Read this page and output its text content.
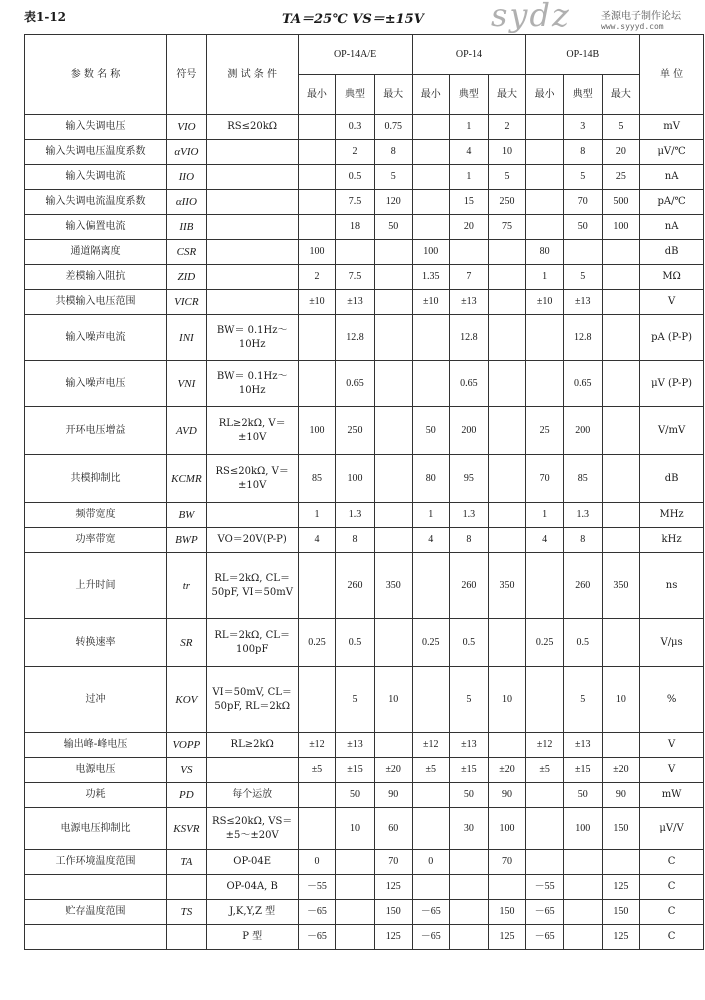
表1-12	TA＝25℃ VS＝±15V sydz	圣源电子制作论坛
www.syyyd.com
参 数 名 称	符号	测 试 条 件	OP-14A/E			OP-14			OP-14B			单 位
			最小	典型	最大	最小	典型	最大	最小	典型	最大	
输入失调电压	VIO	RS≤20kΩ		0.3	0.75		1	2		3	5	mV
输入失调电压温度系数	αVIO			2	8		4	10		8	20	μV/℃
输入失调电流	IIO			0.5	5		1	5		5	25	nA
输入失调电流温度系数	αIIO			7.5	120		15	250		70	500	pA/℃
输入偏置电流	IIB			18	50		20	75		50	100	nA
通道隔离度	CSR		100			100			80			dB
差模输入阻抗	ZID		2	7.5		1.35	7		1	5		MΩ
共模输入电压范围	VICR		±10	±13		±10	±13		±10	±13		V
输入噪声电流	INI	BW＝ 0.1Hz～10Hz		12.8			12.8			12.8		pA (P-P)
输入噪声电压	VNI	BW＝ 0.1Hz～10Hz		0.65			0.65			0.65		μV (P-P)
开环电压增益	AVD	RL≥2kΩ, V＝±10V	100	250		50	200		25	200		V/mV
共模抑制比	KCMR	RS≤20kΩ, V＝±10V	85	100		80	95		70	85		dB
频带宽度	BW		1	1.3		1	1.3		1	1.3		MHz
功率带宽	BWP	VO＝20V(P-P)	4	8		4	8		4	8		kHz
上升时间	tr	RL＝2kΩ, CL＝50pF, VI＝50mV		260	350		260	350		260	350	ns
转换速率	SR	RL＝2kΩ, CL＝100pF	0.25	0.5		0.25	0.5		0.25	0.5		V/μs
过冲	KOV	VI＝50mV, CL＝50pF, RL＝2kΩ		5	10		5	10		5	10	%
输出峰-峰电压	VOPP	RL≥2kΩ	±12	±13		±12	±13		±12	±13		V
电源电压	VS		±5	±15	±20	±5	±15	±20	±5	±15	±20	V
功耗	PD	每个运放		50	90		50	90		50	90	mW
电源电压抑制比	KSVR	RS≤20kΩ, VS＝±5～±20V		10	60		30	100		100	150	μV/V
工作环境温度范围	TA	OP-04E	0		70	0		70				C
		OP-04A, B	－55		125				－55		125	C
贮存温度范围	TS	J,K,Y,Z 型	－65		150	－65		150	－65		150	C
		P 型	－65		125	－65		125	－65		125	C
